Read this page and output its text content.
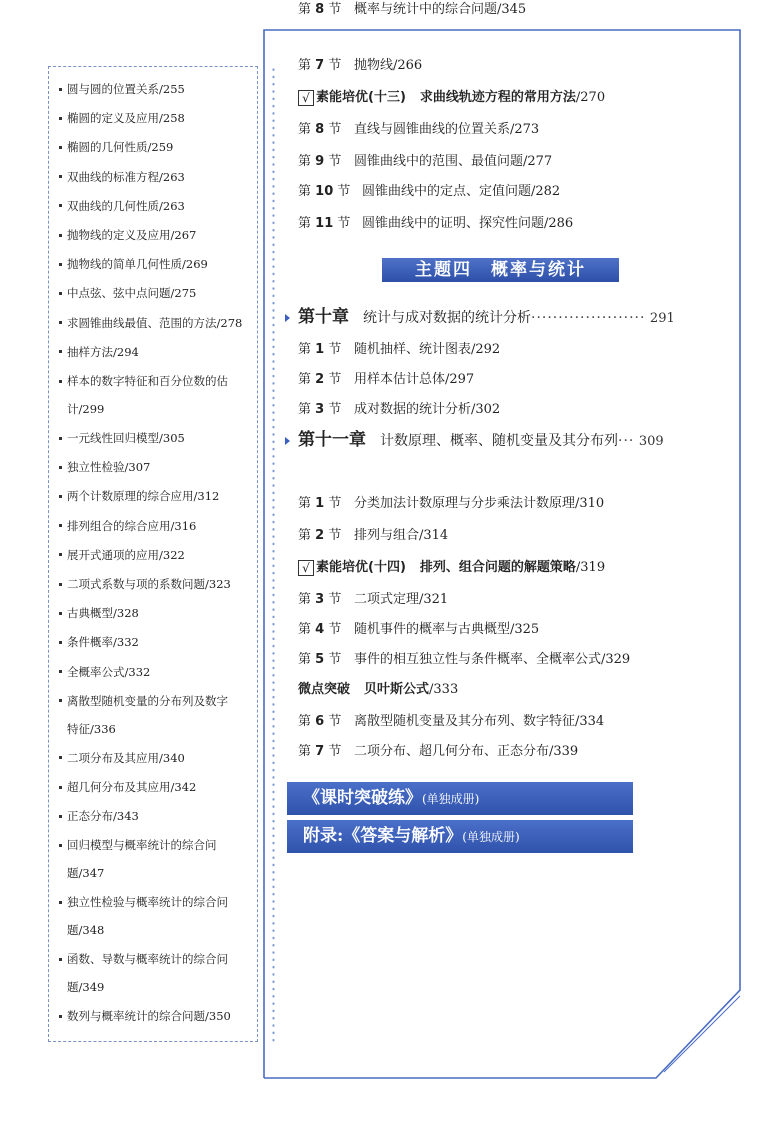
圆与圆的位置关系/255
椭圆的定义及应用/258
椭圆的几何性质/259
双曲线的标准方程/263
双曲线的几何性质/263
抛物线的定义及应用/267
抛物线的简单几何性质/269
中点弦、弦中点问题/275
求圆锥曲线最值、范围的方法/278
抽样方法/294
样本的数字特征和百分位数的估
计/299
一元线性回归模型/305
独立性检验/307
两个计数原理的综合应用/312
排列组合的综合应用/316
展开式通项的应用/322
二项式系数与项的系数问题/323
古典概型/328
条件概率/332
全概率公式/332
离散型随机变量的分布列及数字
特征/336
二项分布及其应用/340
超几何分布及其应用/342
正态分布/343
回归模型与概率统计的综合问
题/347
独立性检验与概率统计的综合问
题/348
函数、导数与概率统计的综合问
题/349
数列与概率统计的综合问题/350
第 7 节 抛物线/266
√ 素能培优(十三) 求曲线轨迹方程的常用方法/270
第 8 节 直线与圆锥曲线的位置关系/273
第 9 节 圆锥曲线中的范围、最值问题/277
第 10 节 圆锥曲线中的定点、定值问题/282
第 11 节 圆锥曲线中的证明、探究性问题/286
主题四　概率与统计
第十章 统计与成对数据的统计分析····················· 291
第 1 节 随机抽样、统计图表/292
第 2 节 用样本估计总体/297
第 3 节 成对数据的统计分析/302
第十一章 计数原理、概率、随机变量及其分布列··· 309
第 1 节 分类加法计数原理与分步乘法计数原理/310
第 2 节 排列与组合/314
√ 素能培优(十四) 排列、组合问题的解题策略/319
第 3 节 二项式定理/321
第 4 节 随机事件的概率与古典概型/325
第 5 节 事件的相互独立性与条件概率、全概率公式/329
微点突破 贝叶斯公式/333
第 6 节 离散型随机变量及其分布列、数字特征/334
第 7 节 二项分布、超几何分布、正态分布/339
第 8 节 概率与统计中的综合问题/345
《课时突破练》(单独成册)
附录:《答案与解析》(单独成册)
